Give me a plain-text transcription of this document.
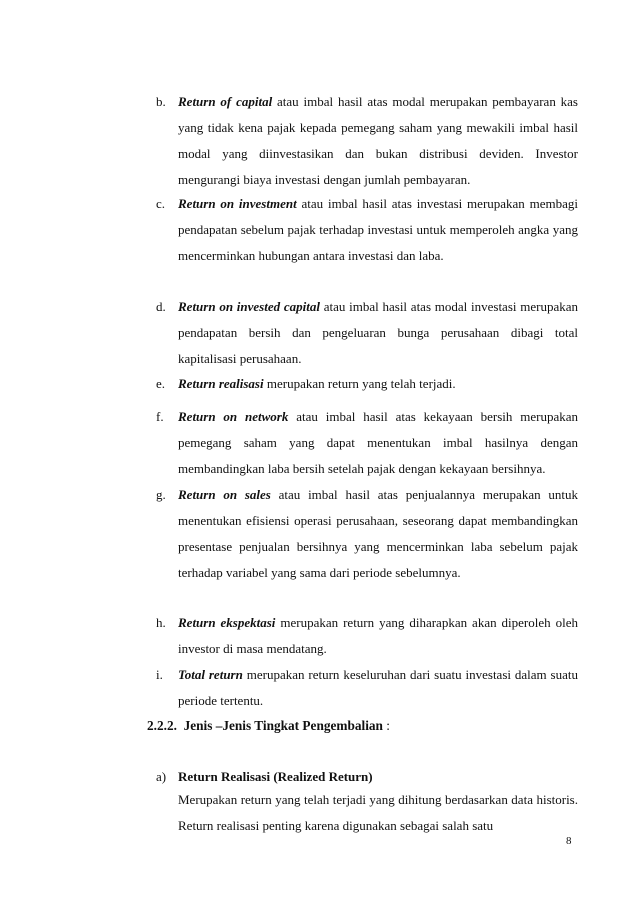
b. Return of capital atau imbal hasil atas modal merupakan pembayaran kas yang tidak kena pajak kepada pemegang saham yang mewakili imbal hasil modal yang diinvestasikan dan bukan distribusi deviden. Investor mengurangi biaya investasi dengan jumlah pembayaran.
c. Return on investment atau imbal hasil atas investasi merupakan membagi pendapatan sebelum pajak terhadap investasi untuk memperoleh angka yang mencerminkan hubungan antara investasi dan laba.
d. Return on invested capital atau imbal hasil atas modal investasi merupakan pendapatan bersih dan pengeluaran bunga perusahaan dibagi total kapitalisasi perusahaan.
e. Return realisasi merupakan return yang telah terjadi.
f.	Return on network atau imbal hasil atas kekayaan bersih merupakan pemegang saham yang dapat menentukan imbal hasilnya dengan membandingkan laba bersih setelah pajak dengan kekayaan bersihnya.
g. Return on sales atau imbal hasil atas penjualannya merupakan untuk menentukan efisiensi operasi perusahaan, seseorang dapat membandingkan presentase penjualan bersihnya yang mencerminkan laba sebelum pajak terhadap variabel yang sama dari periode sebelumnya.
h. Return ekspektasi merupakan return yang diharapkan akan diperoleh oleh investor di masa mendatang.
i.	Total return merupakan return keseluruhan dari suatu investasi dalam suatu periode tertentu.
2.2.2. Jenis –Jenis Tingkat Pengembalian :
a) Return Realisasi (Realized Return)
Merupakan return yang telah terjadi yang dihitung berdasarkan data historis. Return realisasi penting karena digunakan sebagai salah satu
8
